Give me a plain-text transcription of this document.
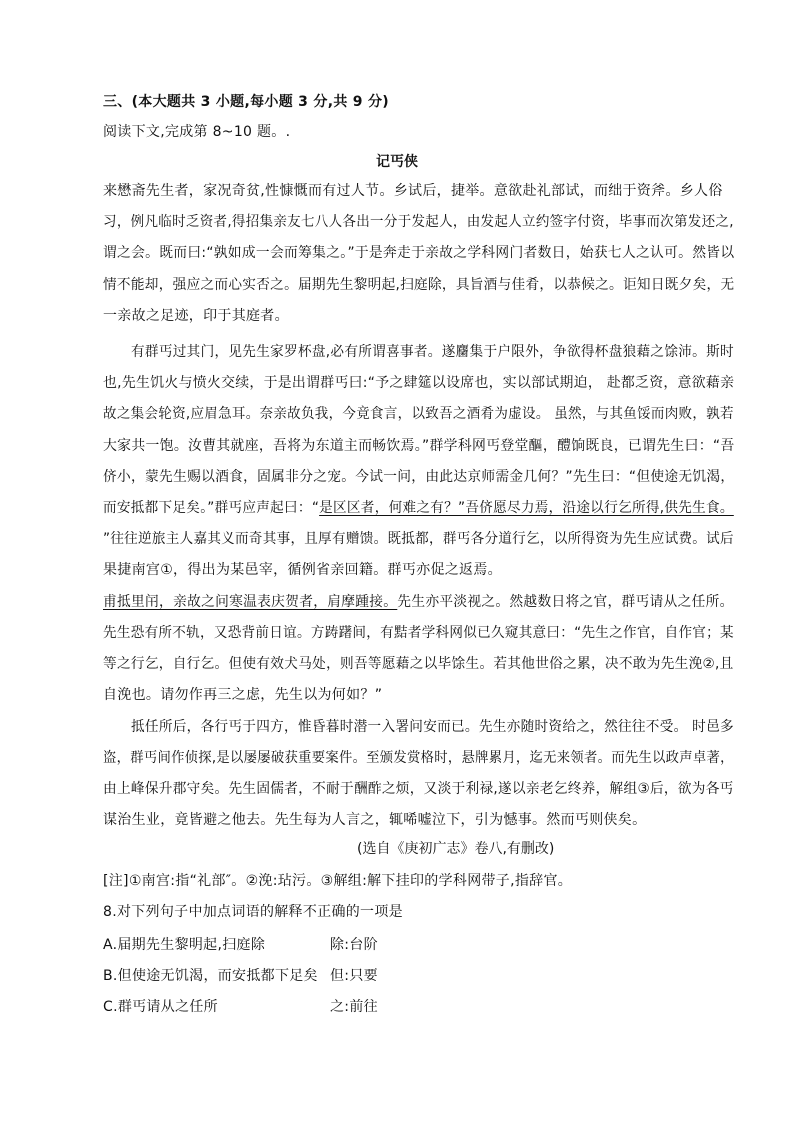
三、(本大题共 3 小题,每小题 3 分,共 9 分)
阅读下文,完成第 8~10 题。.
记丐侠
来懋斋先生者，家况奇贫,性慷慨而有过人节。乡试后，捷举。意欲赴礼部试，而绌于资斧。乡人俗
习，例凡临时乏资者,得招集亲友七八人各出一分于发起人，由发起人立约签字付资，毕事而次第发还之,
谓之会。既而曰:“孰如成一会而筹集之。”于是奔走于亲故之学科网门者数日，始获七人之认可。然皆以
情不能却，强应之而心实否之。届期先生黎明起,扫庭除，具旨酒与佳肴，以恭候之。讵知日既夕矣，无
一亲故之足迹，印于其庭者。
有群丐过其门，见先生家罗杯盘,必有所谓喜事者。遂麕集于户限外，争欲得杯盘狼藉之馀沛。斯时
也,先生饥火与愤火交续，于是出谓群丐曰:“予之肆筵以设席也，实以部试期迫， 赴都乏资，意欲藉亲
故之集会轮资,应眉急耳。奈亲故负我，今竟食言，以致吾之酒肴为虚设。 虽然，与其鱼馁而肉败，孰若
大家共一饱。汝曹其就座，吾将为东道主而畅饮焉。”群学科网丐登堂醧，醴饷既良，已谓先生曰：“吾
侪小，蒙先生赐以酒食，固属非分之宠。今试一问，由此达京师需金几何？”先生曰：“但使途无饥渴，
而安抵都下足矣。”群丐应声起曰：“是区区者，何难之有？”吾侪愿尽力焉，沿途以行乞所得,供先生食。
”往往逆旅主人嘉其义而奇其事，且厚有赠馈。既抵都，群丐各分道行乞，以所得资为先生应试费。试后
果捷南宫①，得出为某邑宰，循例省亲回籍。群丐亦促之返焉。
甫抵里闬，亲故之问寒温表庆贺者，肩摩踵接。先生亦平淡视之。然越数日将之官，群丐请从之任所。
先生恐有所不轨，又恐背前日谊。方踌躇间，有黠者学科网似已久窥其意曰：“先生之作官，自作官；某
等之行乞，自行乞。但使有效犬马处，则吾等愿藉之以毕馀生。若其他世俗之累，决不敢为先生浼②,且
自浼也。请勿作再三之虑，先生以为何如？”
抵任所后，各行丐于四方，惟昏暮时潜一入署问安而已。先生亦随时资给之，然往往不受。 时邑多
盗，群丐间作侦探,是以屡屡破获重要案件。至颁发赏格时，悬牌累月，迄无来领者。而先生以政声卓著，
由上峰保升郡守矣。先生固儒者，不耐于酬酢之烦，又淡于利禄,遂以亲老乞终养，解组③后，欲为各丐
谋治生业，竟皆避之他去。先生每为人言之，辄唏嘘泣下，引为憾事。然而丐则侠矣。
(选自《庚初广志》卷八,有删改)
[注]①南宫:指“礼部″。②浼:玷污。③解组:解下挂印的学科网带子,指辞官。
8.对下列句子中加点词语的解释不正确的一项是
A.届期先生黎明起,扫庭除	除:台阶
B.但使途无饥渴，而安抵都下足矣 但:只要
C.群丐请从之任所	之:前往
